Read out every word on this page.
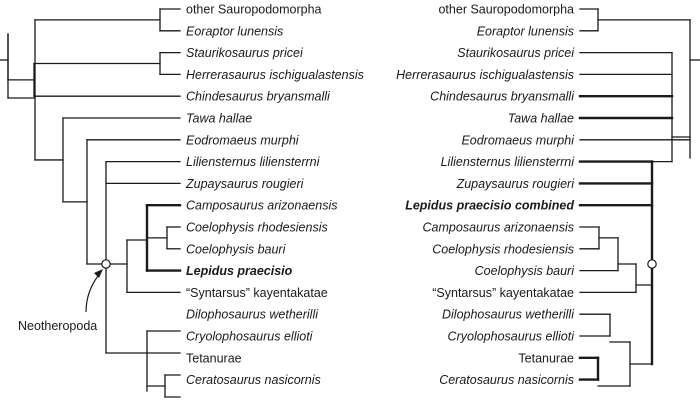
other Sauropodomorpha
Eoraptor lunensis
Staurikosaurus pricei
Herrerasaurus ischigualastensis
Chindesaurus bryansmalli
Tawa hallae
Eodromaeus murphi
Liliensternus liliensterrni
Zupaysaurus rougieri
Camposaurus arizonaensis
Coelophysis rhodesiensis
Coelophysis bauri
Lepidus praecisio
“Syntarsus” kayentakatae
Dilophosaurus wetherilli
Cryolophosaurus ellioti
Tetanurae
Ceratosaurus nasicornis
other Sauropodomorpha
Eoraptor lunensis
Staurikosaurus pricei
Herrerasaurus ischigualastensis
Chindesaurus bryansmalli
Tawa hallae
Eodromaeus murphi
Liliensternus liliensterrni
Zupaysaurus rougieri
Lepidus praecisio combined
Camposaurus arizonaensis
Coelophysis rhodesiensis
Coelophysis bauri
“Syntarsus” kayentakatae
Dilophosaurus wetherilli
Cryolophosaurus ellioti
Tetanurae
Ceratosaurus nasicornis
Neotheropoda
